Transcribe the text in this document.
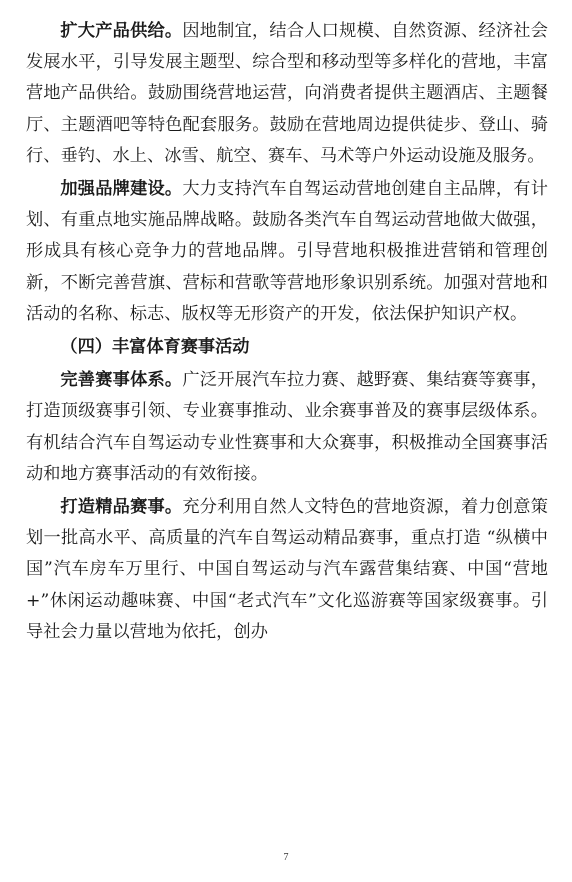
扩大产品供给。因地制宜，结合人口规模、自然资源、经济社会发展水平，引导发展主题型、综合型和移动型等多样化的营地，丰富营地产品供给。鼓励围绕营地运营，向消费者提供主题酒店、主题餐厅、主题酒吧等特色配套服务。鼓励在营地周边提供徒步、登山、骑行、垂钓、水上、冰雪、航空、赛车、马术等户外运动设施及服务。

加强品牌建设。大力支持汽车自驾运动营地创建自主品牌，有计划、有重点地实施品牌战略。鼓励各类汽车自驾运动营地做大做强，形成具有核心竞争力的营地品牌。引导营地积极推进营销和管理创新，不断完善营旗、营标和营歌等营地形象识别系统。加强对营地和活动的名称、标志、版权等无形资产的开发，依法保护知识产权。

（四）丰富体育赛事活动

完善赛事体系。广泛开展汽车拉力赛、越野赛、集结赛等赛事，打造顶级赛事引领、专业赛事推动、业余赛事普及的赛事层级体系。有机结合汽车自驾运动专业性赛事和大众赛事，积极推动全国赛事活动和地方赛事活动的有效衔接。

打造精品赛事。充分利用自然人文特色的营地资源，着力创意策划一批高水平、高质量的汽车自驾运动精品赛事，重点打造 “纵横中国”汽车房车万里行、中国自驾运动与汽车露营集结赛、中国“营地+”休闲运动趣味赛、中国“老式汽车”文化巡游赛等国家级赛事。引导社会力量以营地为依托，创办

7
